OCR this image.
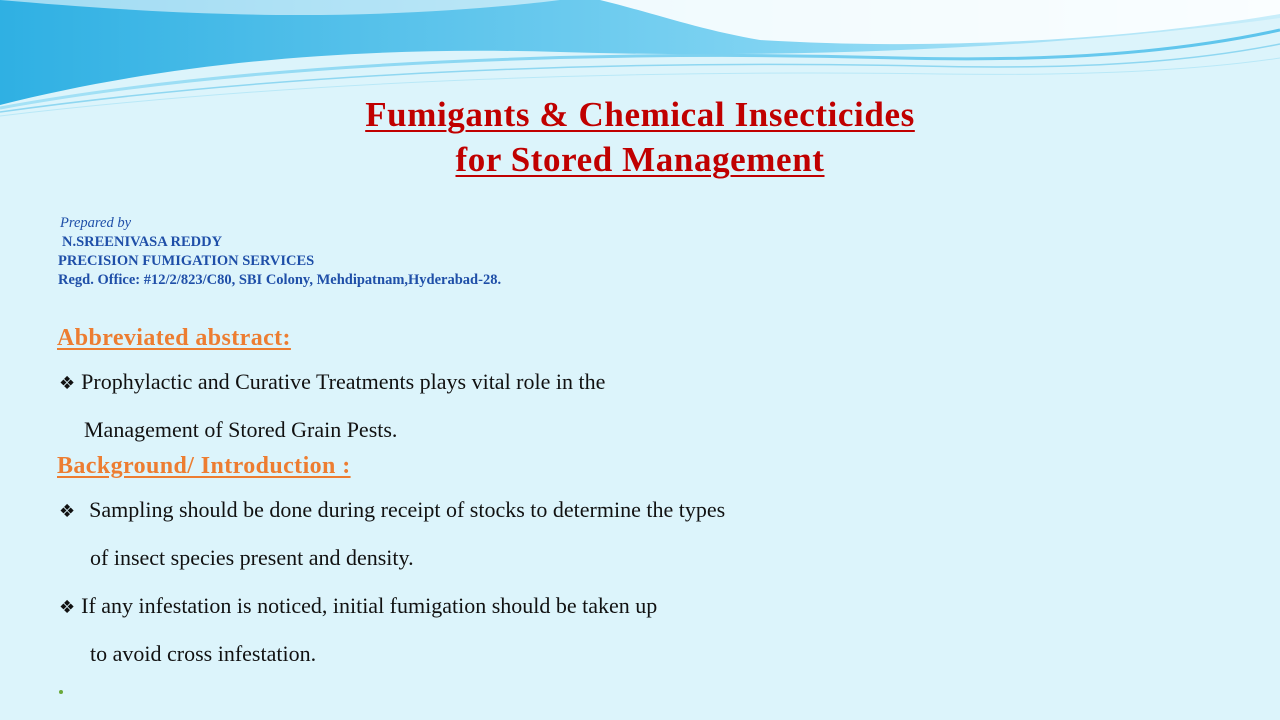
Fumigants & Chemical Insecticides
for Stored Management
Prepared by
N.SREENIVASA REDDY
PRECISION FUMIGATION SERVICES
Regd. Office: #12/2/823/C80, SBI Colony, Mehdipatnam,Hyderabad-28.
Abbreviated abstract:
❖ Prophylactic and Curative Treatments plays vital role in the
Management of Stored Grain Pests.
Background/ Introduction :
❖ Sampling should be done during receipt of stocks to determine the types
of insect species present and density.
❖ If any infestation is noticed, initial fumigation should be taken up
to avoid cross infestation.
